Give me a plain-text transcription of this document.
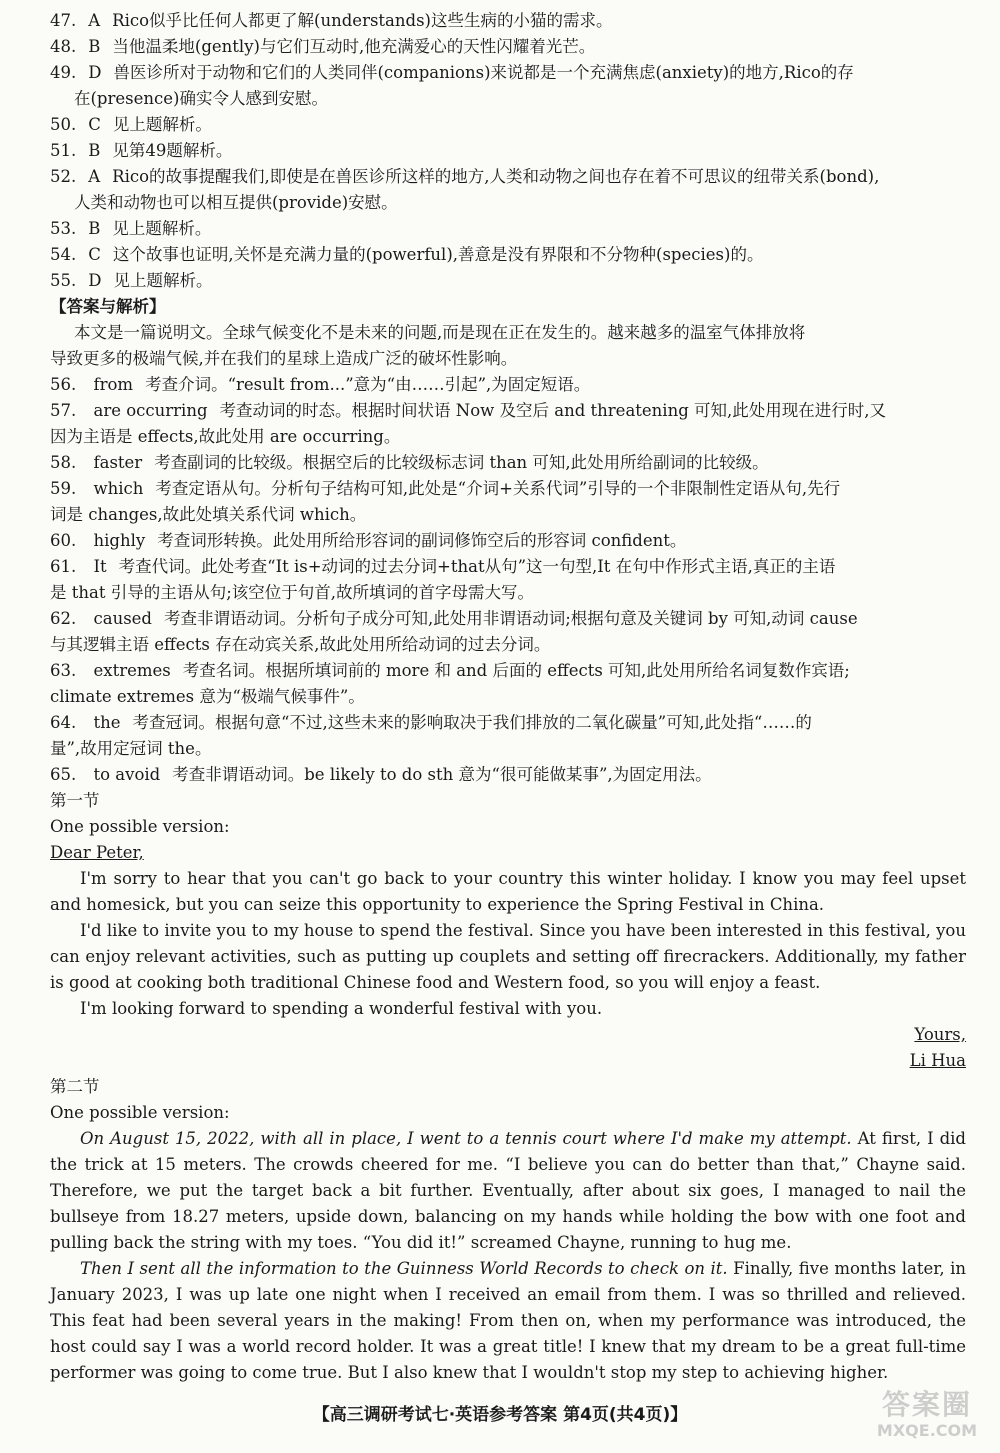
47. A Rico似乎比任何人都更了解(understands)这些生病的小猫的需求。
48. B 当他温柔地(gently)与它们互动时,他充满爱心的天性闪耀着光芒。
49. D 兽医诊所对于动物和它们的人类同伴(companions)来说都是一个充满焦虑(anxiety)的地方,Rico的存
在(presence)确实令人感到安慰。
50. C 见上题解析。
51. B 见第49题解析。
52. A Rico的故事提醒我们,即使是在兽医诊所这样的地方,人类和动物之间也存在着不可思议的纽带关系(bond),
人类和动物也可以相互提供(provide)安慰。
53. B 见上题解析。
54. C 这个故事也证明,关怀是充满力量的(powerful),善意是没有界限和不分物种(species)的。
55. D 见上题解析。
【答案与解析】
本文是一篇说明文。全球气候变化不是未来的问题,而是现在正在发生的。越来越多的温室气体排放将
导致更多的极端气候,并在我们的星球上造成广泛的破坏性影响。
56. from 考查介词。“result from...”意为“由……引起”,为固定短语。
57. are occurring 考查动词的时态。根据时间状语 Now 及空后 and threatening 可知,此处用现在进行时,又
因为主语是 effects,故此处用 are occurring。
58. faster 考查副词的比较级。根据空后的比较级标志词 than 可知,此处用所给副词的比较级。
59. which 考查定语从句。分析句子结构可知,此处是“介词+关系代词”引导的一个非限制性定语从句,先行
词是 changes,故此处填关系代词 which。
60. highly 考查词形转换。此处用所给形容词的副词修饰空后的形容词 confident。
61. It 考查代词。此处考查“It is+动词的过去分词+that从句”这一句型,It 在句中作形式主语,真正的主语
是 that 引导的主语从句;该空位于句首,故所填词的首字母需大写。
62. caused 考查非谓语动词。分析句子成分可知,此处用非谓语动词;根据句意及关键词 by 可知,动词 cause
与其逻辑主语 effects 存在动宾关系,故此处用所给动词的过去分词。
63. extremes 考查名词。根据所填词前的 more 和 and 后面的 effects 可知,此处用所给名词复数作宾语;
climate extremes 意为“极端气候事件”。
64. the 考查冠词。根据句意“不过,这些未来的影响取决于我们排放的二氧化碳量”可知,此处指“……的
量”,故用定冠词 the。
65. to avoid 考查非谓语动词。be likely to do sth 意为“很可能做某事”,为固定用法。
第一节
One possible version:
Dear Peter,

I'm sorry to hear that you can't go back to your country this winter holiday. I know you may feel upset and homesick, but you can seize this opportunity to experience the Spring Festival in China.

I'd like to invite you to my house to spend the festival. Since you have been interested in this festival, you can enjoy relevant activities, such as putting up couplets and setting off firecrackers. Additionally, my father is good at cooking both traditional Chinese food and Western food, so you will enjoy a feast.

I'm looking forward to spending a wonderful festival with you.

Yours,
Li Hua
第二节
One possible version:

On August 15, 2022, with all in place, I went to a tennis court where I'd make my attempt. At first, I did the trick at 15 meters. The crowds cheered for me. “I believe you can do better than that,” Chayne said. Therefore, we put the target back a bit further. Eventually, after about six goes, I managed to nail the bullseye from 18.27 meters, upside down, balancing on my hands while holding the bow with one foot and pulling back the string with my toes. “You did it!” screamed Chayne, running to hug me.

Then I sent all the information to the Guinness World Records to check on it. Finally, five months later, in January 2023, I was up late one night when I received an email from them. I was so thrilled and relieved. This feat had been several years in the making! From then on, when my performance was introduced, the host could say I was a world record holder. It was a great title! I knew that my dream to be a great full-time performer was going to come true. But I also knew that I wouldn't stop my step to achieving higher.

【高三调研考试七·英语参考答案 第4页(共4页)】	答案圈
MXQE.COM
